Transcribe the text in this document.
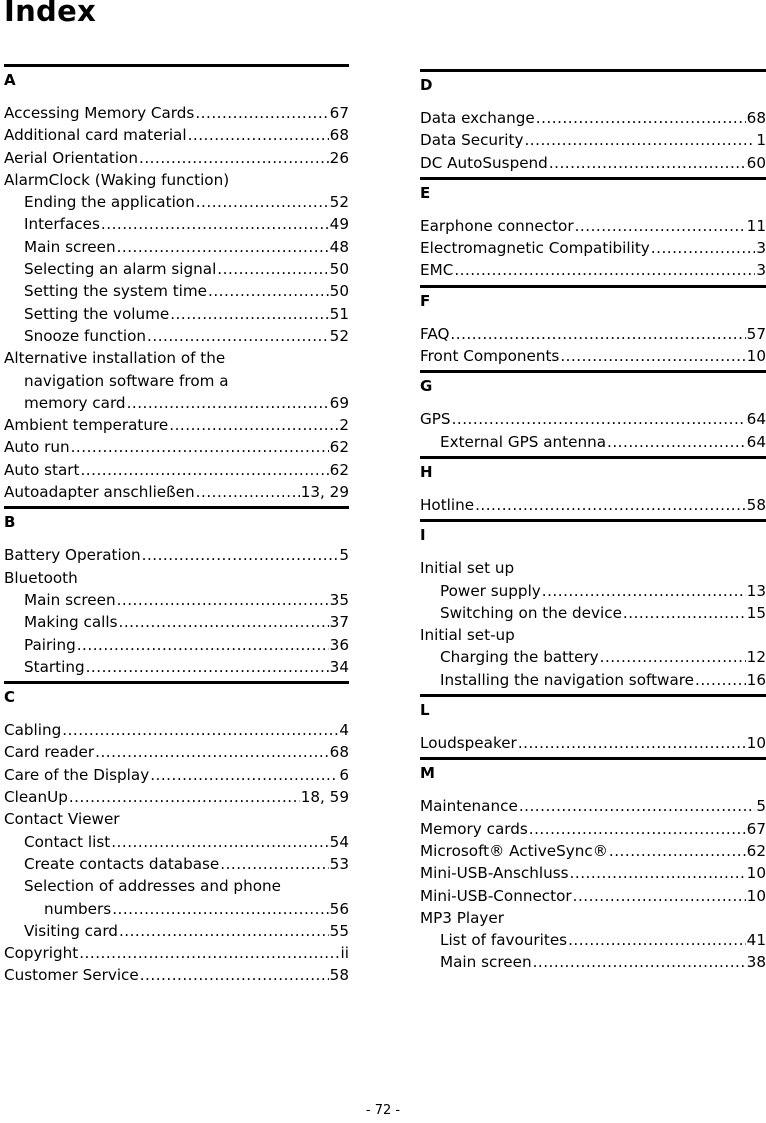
Index
A
Accessing Memory Cards .....	67
Additional card material .....	68
Aerial Orientation .....	26
AlarmClock (Waking function)
Ending the application .....	52
Interfaces .....	49
Main screen .....	48
Selecting an alarm signal .....	50
Setting the system time .....	50
Setting the volume .....	51
Snooze function .....	52
Alternative installation of the
navigation software from a
memory card .....	69
Ambient temperature .....	2
Auto run .....	62
Auto start .....	62
Autoadapter anschließen .....	13, 29
B
Battery Operation .....	5
Bluetooth
Main screen .....	35
Making calls .....	37
Pairing .....	36
Starting .....	34
C
Cabling .....	4
Card reader .....	68
Care of the Display .....	6
CleanUp .....	18, 59
Contact Viewer
Contact list .....	54
Create contacts database .....	53
Selection of addresses and phone
numbers .....	56
Visiting card .....	55
Copyright .....	ii
Customer Service .....	58
D
Data exchange .....	68
Data Security .....	1
DC AutoSuspend .....	60
E
Earphone connector .....	11
Electromagnetic Compatibility .....	3
EMC .....	3
F
FAQ .....	57
Front Components .....	10
G
GPS .....	64
External GPS antenna .....	64
H
Hotline .....	58
I
Initial set up
Power supply .....	13
Switching on the device .....	15
Initial set-up
Charging the battery .....	12
Installing the navigation software .....	16
L
Loudspeaker .....	10
M
Maintenance .....	5
Memory cards .....	67
Microsoft® ActiveSync® .....	62
Mini-USB-Anschluss .....	10
Mini-USB-Connector .....	10
MP3 Player
List of favourites .....	41
Main screen .....	38
- 72 -
